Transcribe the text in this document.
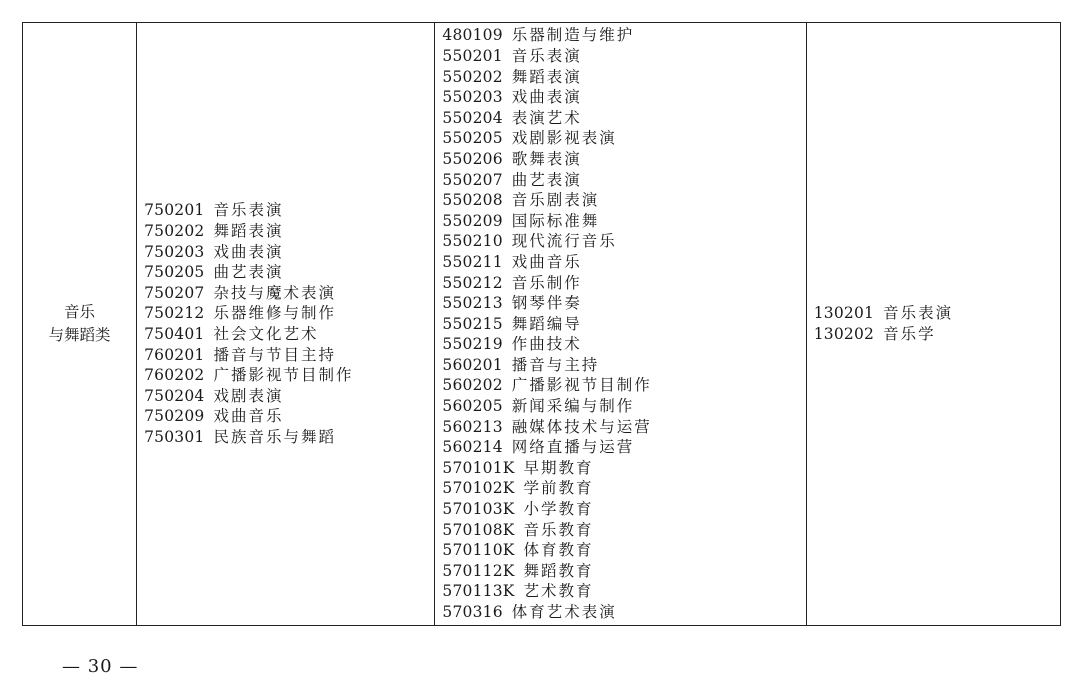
音乐
与舞蹈类

750201 音乐表演
750202 舞蹈表演
750203 戏曲表演
750205 曲艺表演
750207 杂技与魔术表演
750212 乐器维修与制作
750401 社会文化艺术
760201 播音与节目主持
760202 广播影视节目制作
750204 戏剧表演
750209 戏曲音乐
750301 民族音乐与舞蹈

480109 乐器制造与维护
550201 音乐表演
550202 舞蹈表演
550203 戏曲表演
550204 表演艺术
550205 戏剧影视表演
550206 歌舞表演
550207 曲艺表演
550208 音乐剧表演
550209 国际标准舞
550210 现代流行音乐
550211 戏曲音乐
550212 音乐制作
550213 钢琴伴奏
550215 舞蹈编导
550219 作曲技术
560201 播音与主持
560202 广播影视节目制作
560205 新闻采编与制作
560213 融媒体技术与运营
560214 网络直播与运营
570101K 早期教育
570102K 学前教育
570103K 小学教育
570108K 音乐教育
570110K 体育教育
570112K 舞蹈教育
570113K 艺术教育
570316 体育艺术表演

130201 音乐表演
130202 音乐学
— 30 —
